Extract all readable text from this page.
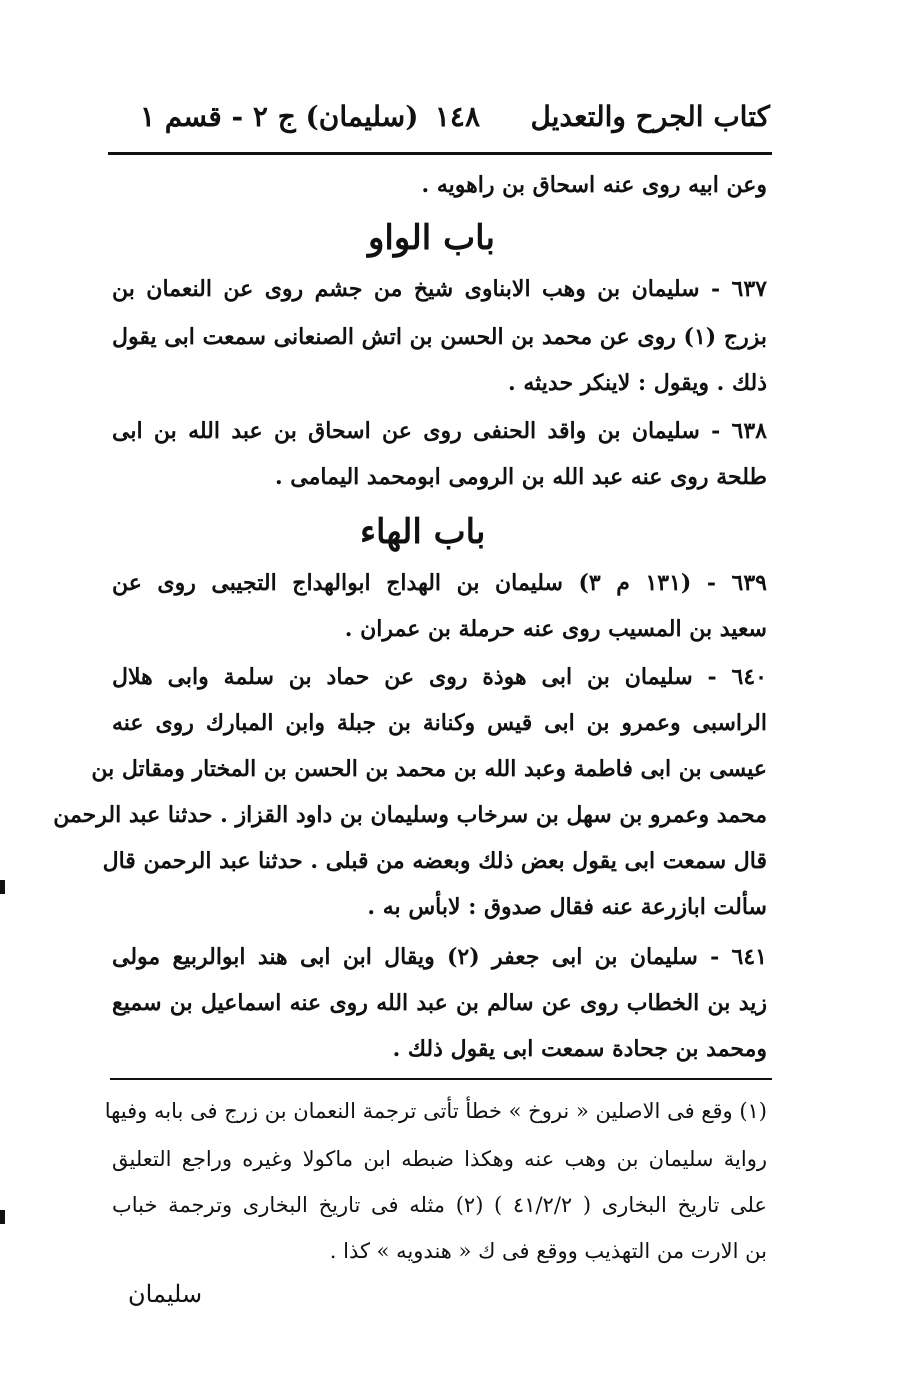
كتاب الجرح والتعديل
١٤٨
(سليمان) ج ٢ - قسم ١
وعن ابيه روى عنه اسحاق بن راهويه .
باب الواو
٦٣٧ - سليمان بن وهب الابناوى شيخ من جشم روى عن النعمان بن
بزرج (١) روى عن محمد بن الحسن بن اتش الصنعانى سمعت ابى يقول
ذلك . ويقول : لاينكر حديثه .
٦٣٨ - سليمان بن واقد الحنفى روى عن اسحاق بن عبد الله بن ابى
طلحة روى عنه عبد الله بن الرومى ابومحمد اليمامى .
باب الهاء
٦٣٩ - (١٣١ م ٣) سليمان بن الهداج ابوالهداج التجيبى روى عن
سعيد بن المسيب روى عنه حرملة بن عمران .
٦٤٠ - سليمان بن ابى هوذة روى عن حماد بن سلمة وابى هلال
الراسبى وعمرو بن ابى قيس وكنانة بن جبلة وابن المبارك روى عنه
عيسى بن ابى فاطمة وعبد الله بن محمد بن الحسن بن المختار ومقاتل بن
محمد وعمرو بن سهل بن سرخاب وسليمان بن داود القزاز . حدثنا عبد الرحمن
قال سمعت ابى يقول بعض ذلك وبعضه من قبلى . حدثنا عبد الرحمن قال
سألت ابازرعة عنه فقال صدوق : لابأس به .
٦٤١ - سليمان بن ابى جعفر (٢) ويقال ابن ابى هند ابوالربيع مولى
زيد بن الخطاب روى عن سالم بن عبد الله روى عنه اسماعيل بن سميع
ومحمد بن جحادة سمعت ابى يقول ذلك .
(١) وقع فى الاصلين « نروخ » خطأ تأتى ترجمة النعمان بن زرج فى بابه وفيها
رواية سليمان بن وهب عنه وهكذا ضبطه ابن ماكولا وغيره وراجع التعليق
على تاريخ البخارى ( ٤١/٢/٢ ) (٢) مثله فى تاريخ البخارى وترجمة خباب
بن الارت من التهذيب ووقع فى ك « هندويه » كذا .
سليمان
